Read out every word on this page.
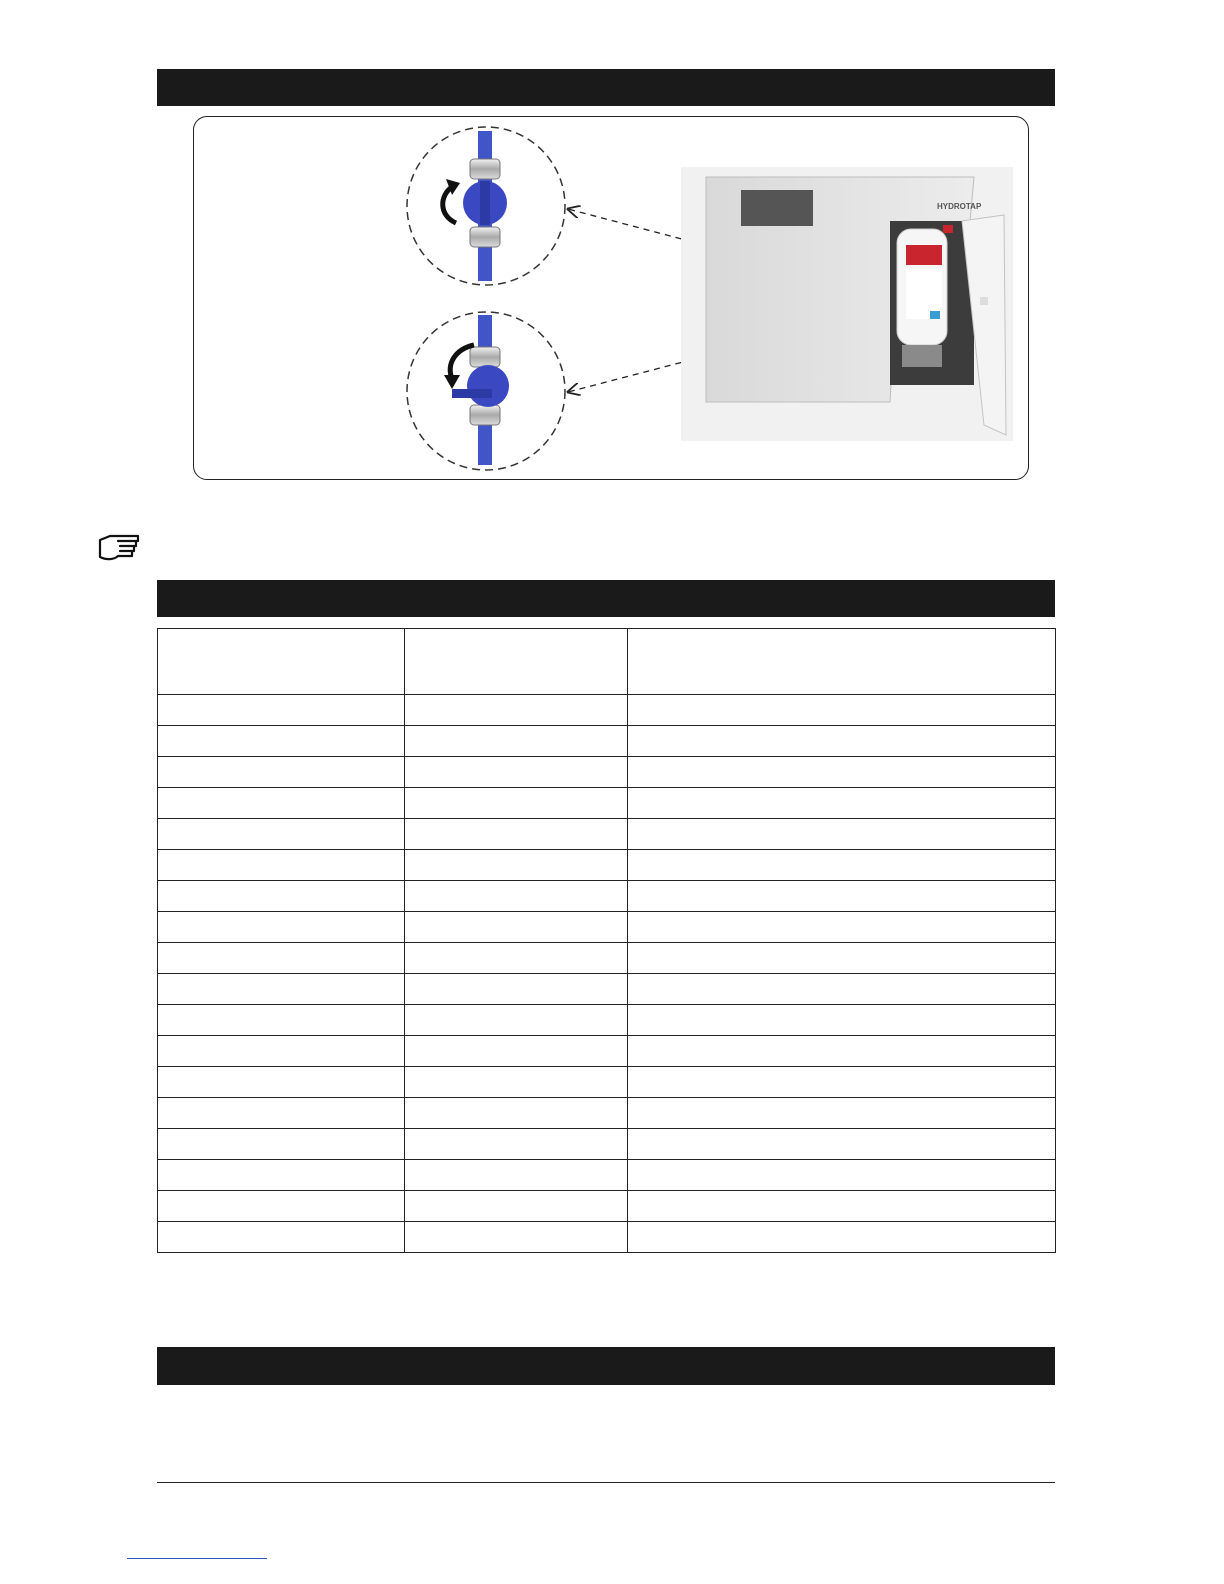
HYDROTAP
